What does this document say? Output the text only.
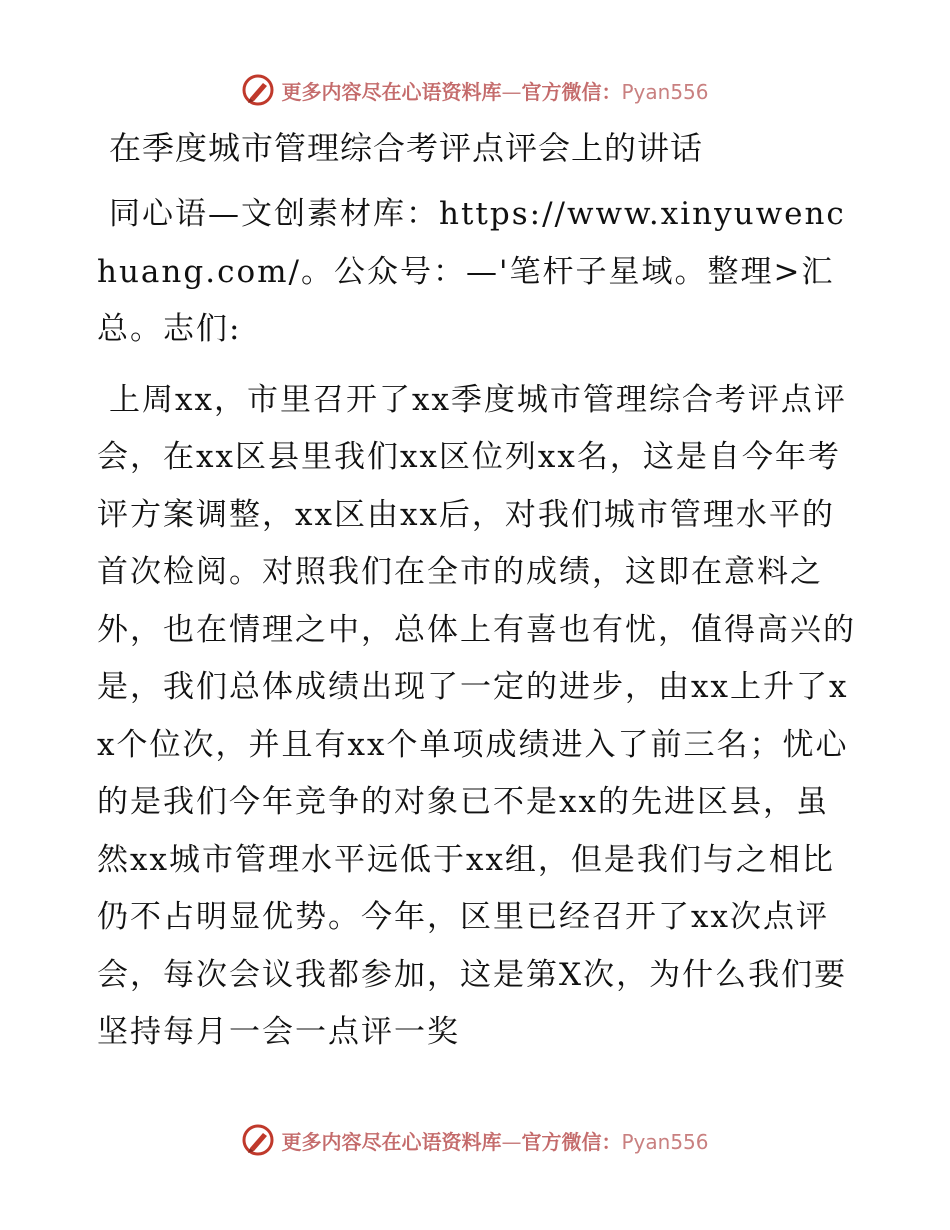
更多内容尽在心语资料库—官方微信：Pyan556
在季度城市管理综合考评点评会上的讲话

同心语—文创素材库：https://www.xinyuwenchuang.com/。公众号：—'笔杆子星域。整理>汇总。志们:

上周xx，市里召开了xx季度城市管理综合考评点评会，在xx区县里我们xx区位列xx名，这是自今年考评方案调整，xx区由xx后，对我们城市管理水平的首次检阅。对照我们在全市的成绩，这即在意料之外，也在情理之中，总体上有喜也有忧，值得高兴的是，我们总体成绩出现了一定的进步，由xx上升了xx个位次，并且有xx个单项成绩进入了前三名；忧心的是我们今年竞争的对象已不是xx的先进区县，虽然xx城市管理水平远低于xx组，但是我们与之相比仍不占明显优势。今年，区里已经召开了xx次点评会，每次会议我都参加，这是第X次，为什么我们要坚持每月一会一点评一奖

更多内容尽在心语资料库—官方微信：Pyan556
